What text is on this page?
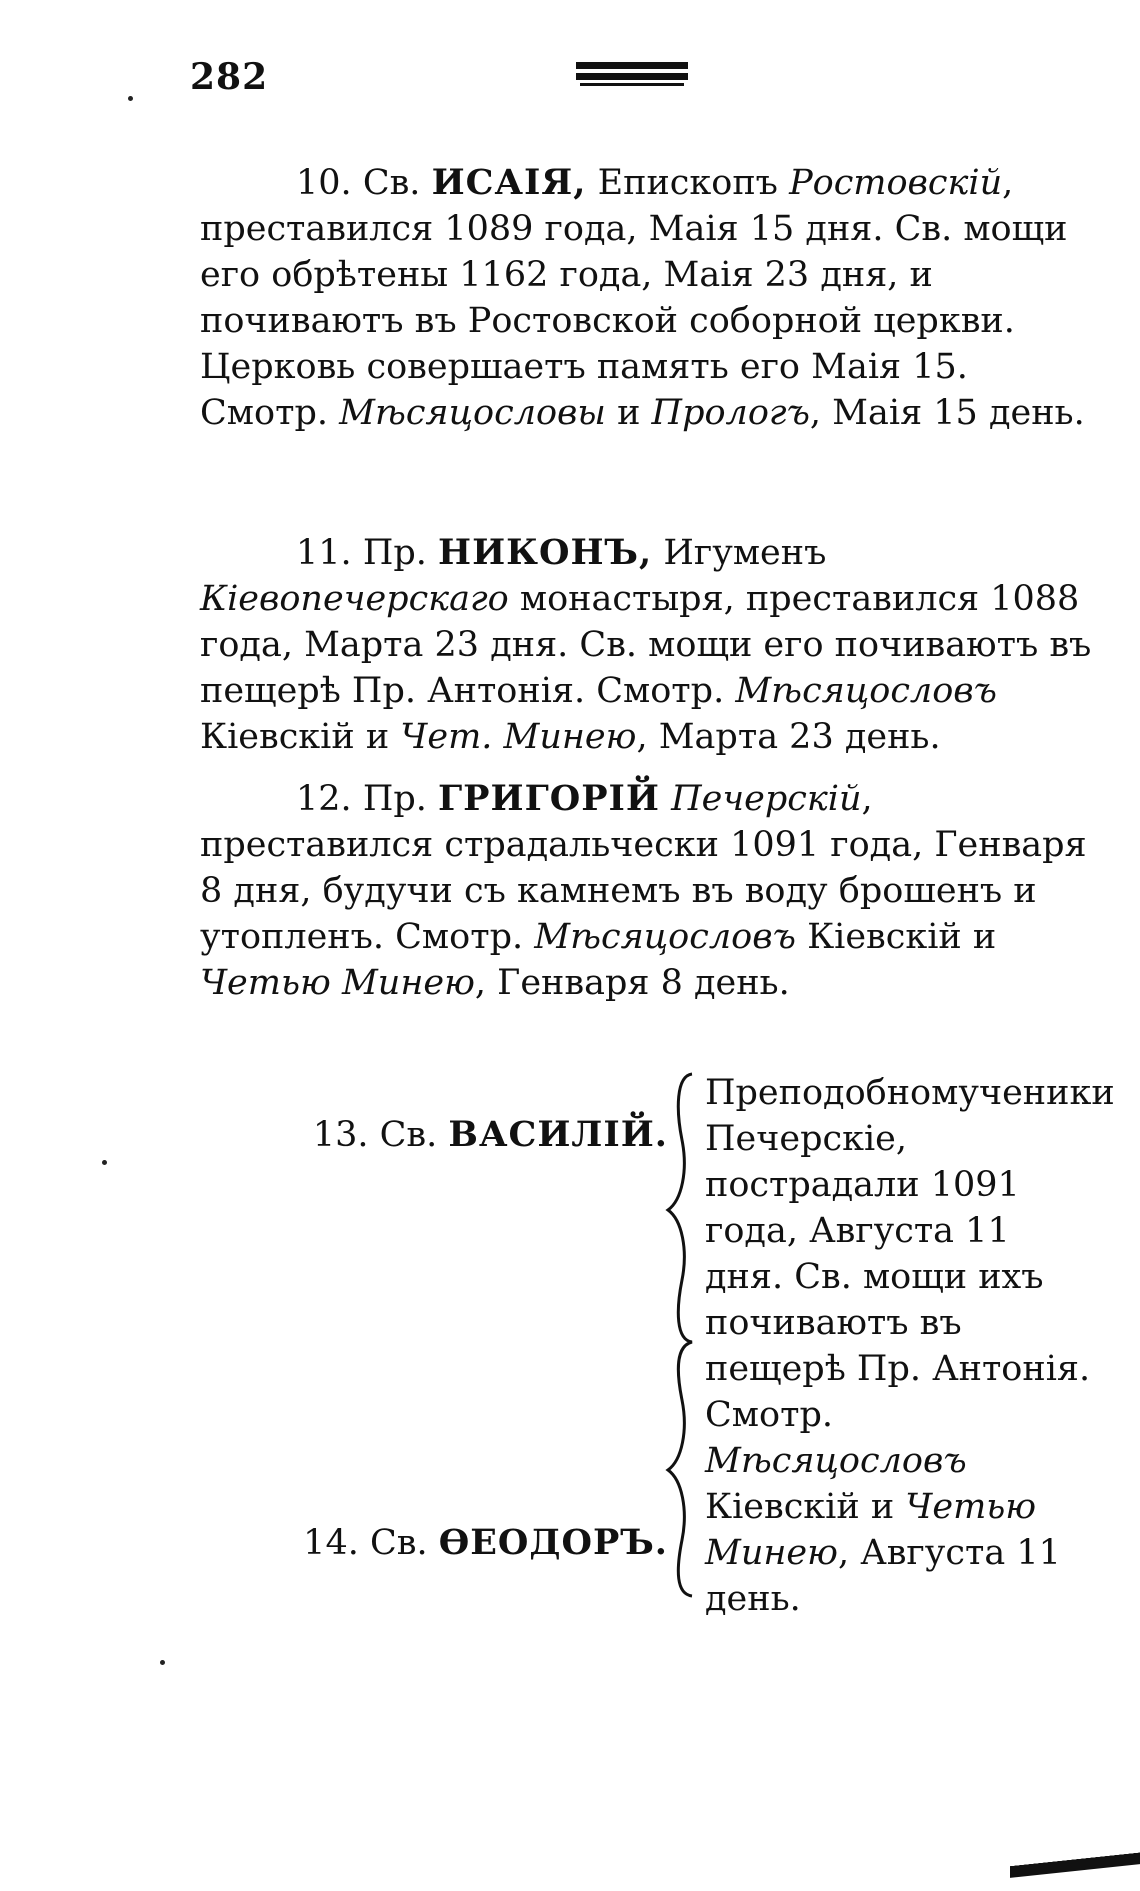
282

10. Св. ИСАIЯ, Епископъ Ростовскiй, преставился 1089 года, Маiя 15 дня. Св. мощи его обрѣтены 1162 года, Маiя 23 дня, и почиваютъ въ Ростовской соборной церкви. Церковь совершаетъ память его Маiя 15. Смотр. Мѣсяцословы и Прологъ, Маiя 15 день.

11. Пр. НИКОНЪ, Игуменъ Кiевопечерскаго монастыря, преставился 1088 года, Марта 23 дня. Св. мощи его почиваютъ въ пещерѣ Пр. Антонiя. Смотр. Мѣсяцословъ Кiевскiй и Чет. Минею, Марта 23 день.

12. Пр. ГРИГОРIЙ Печерскiй, преставился страдальчески 1091 года, Генваря 8 дня, будучи съ камнемъ въ воду брошенъ и утопленъ. Смотр. Мѣсяцословъ Кiевскiй и Четью Минею, Генваря 8 день.

13. Св. ВАСИЛIЙ.
14. Св. ѲЕОДОРЪ.
Преподобномученики Печерскiе, пострадали 1091 года, Августа 11 дня. Св. мощи ихъ почиваютъ въ пещерѣ Пр. Антонiя. Смотр. Мѣсяцословъ Кiевскiй и Четью Минею, Августа 11 день.
